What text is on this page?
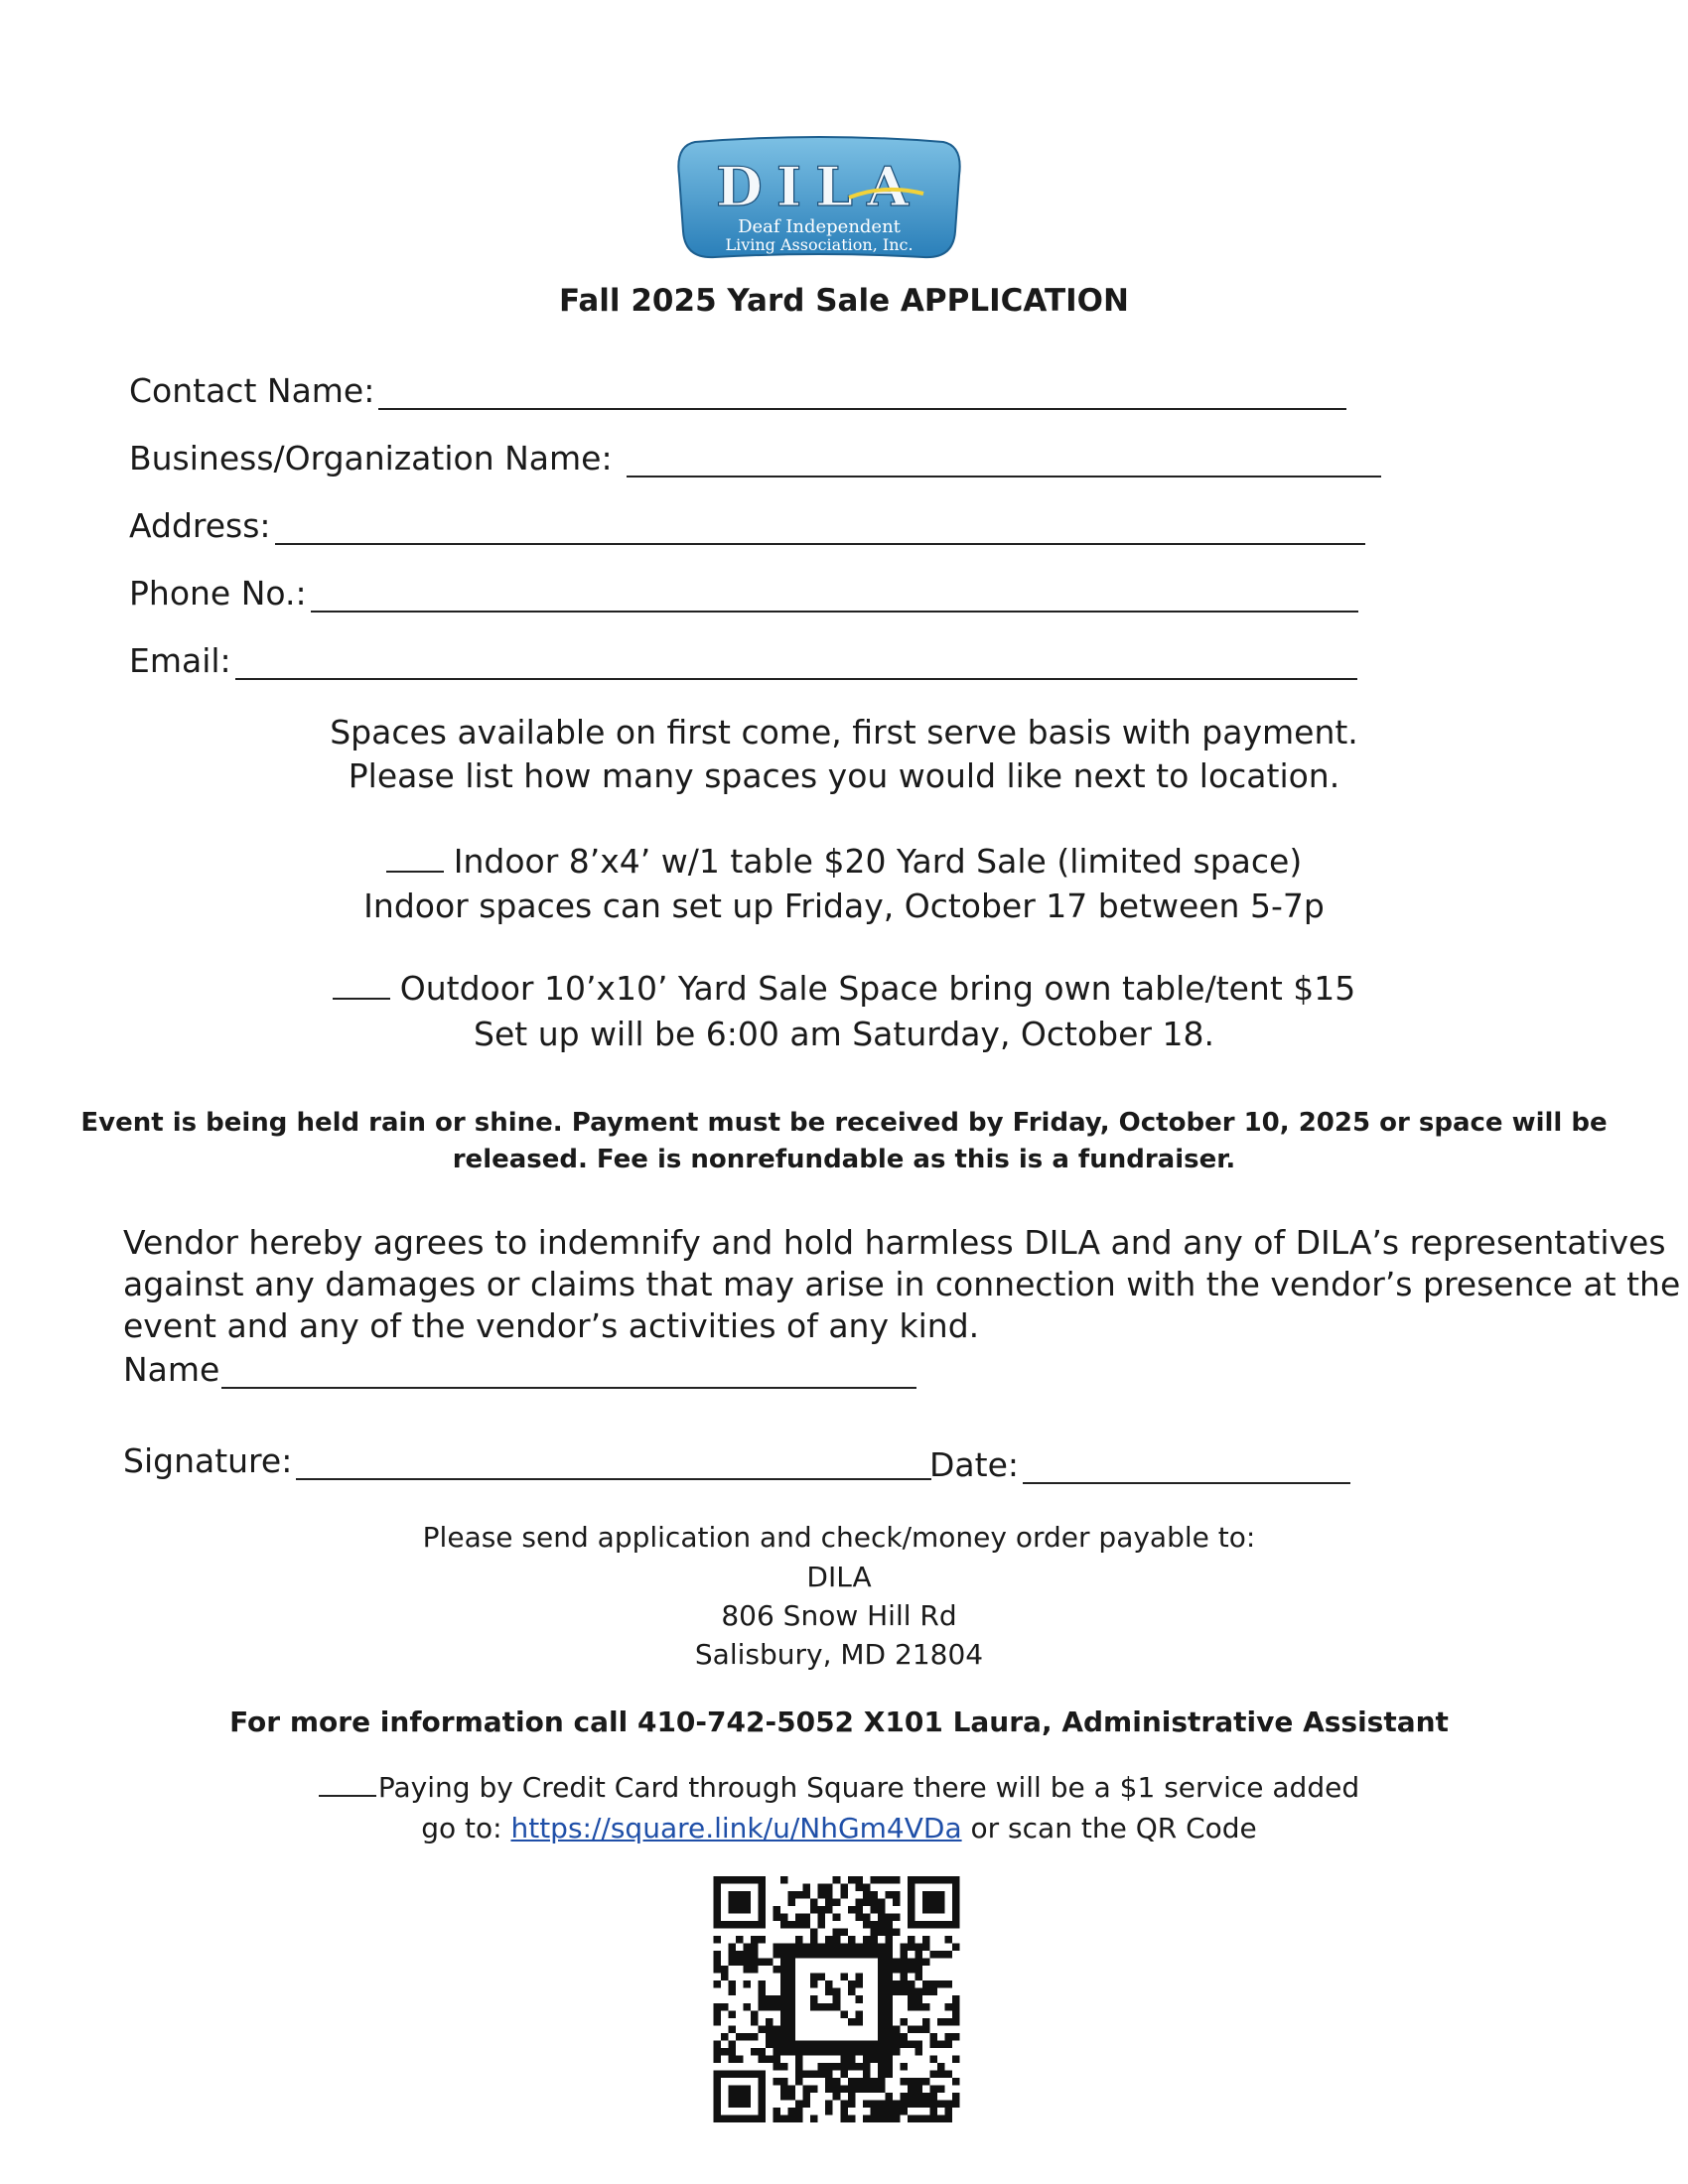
DILA
Deaf Independent
Living Association, Inc.
Fall 2025 Yard Sale APPLICATION
Contact Name:
Business/Organization Name:
Address:
Phone No.:
Email:
Spaces available on first come, first serve basis with payment.
Please list how many spaces you would like next to location.
Indoor 8’x4’ w/1 table $20 Yard Sale (limited space)
Indoor spaces can set up Friday, October 17 between 5-7p
Outdoor 10’x10’ Yard Sale Space bring own table/tent $15
Set up will be 6:00 am Saturday, October 18.
Event is being held rain or shine. Payment must be received by Friday, October 10, 2025 or space will be
released. Fee is nonrefundable as this is a fundraiser.
Vendor hereby agrees to indemnify and hold harmless DILA and any of DILA’s representatives
against any damages or claims that may arise in connection with the vendor’s presence at the
event and any of the vendor’s activities of any kind.
Name
Signature:	Date:
Please send application and check/money order payable to:
DILA
806 Snow Hill Rd
Salisbury, MD 21804
For more information call 410-742-5052 X101 Laura, Administrative Assistant
Paying by Credit Card through Square there will be a $1 service added
go to: https://square.link/u/NhGm4VDa or scan the QR Code
